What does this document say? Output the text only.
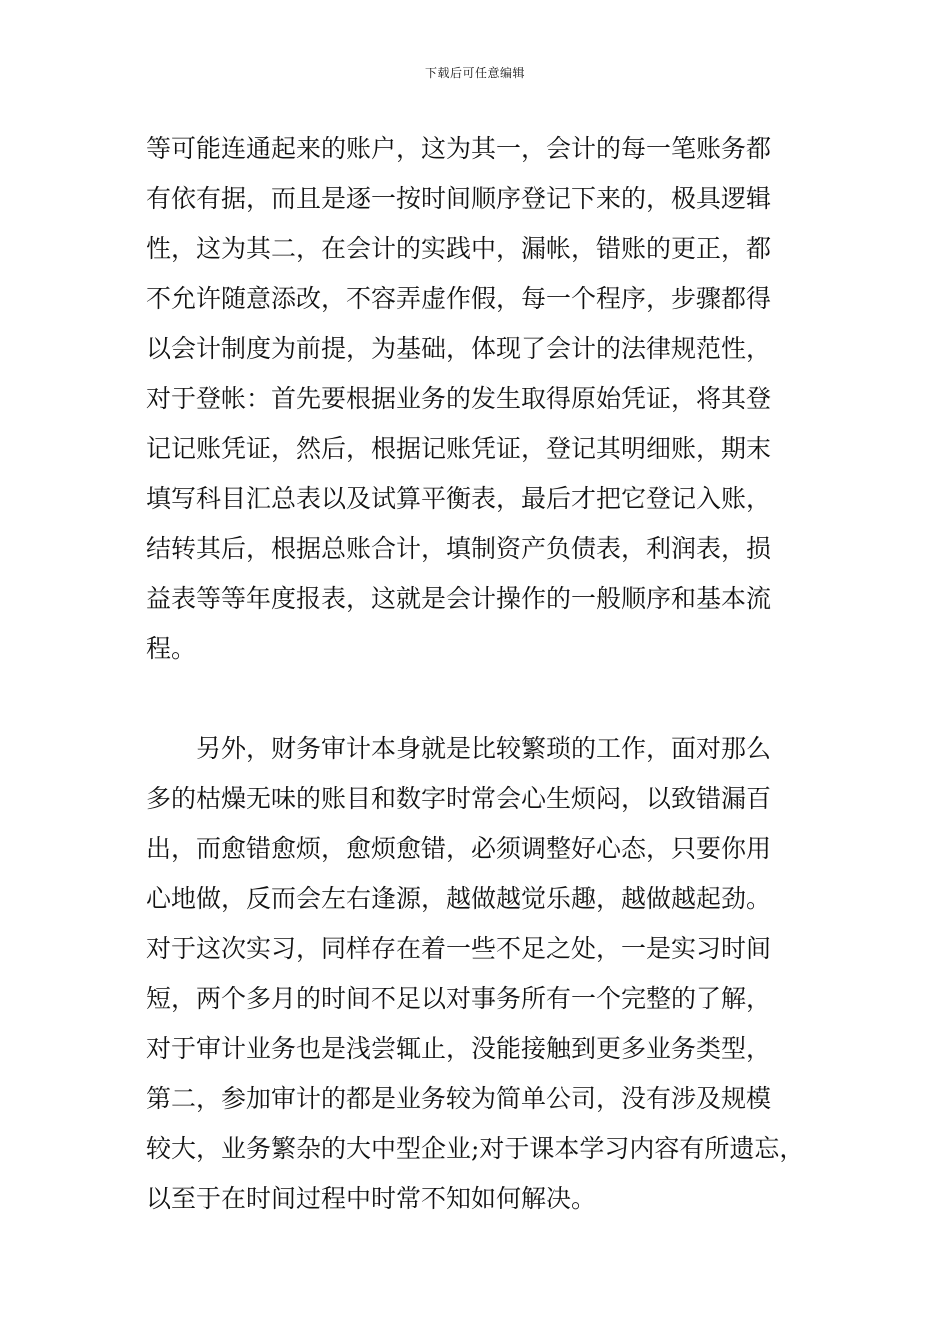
下载后可任意编辑
等可能连通起来的账户，这为其一，会计的每一笔账务都
有依有据，而且是逐一按时间顺序登记下来的，极具逻辑
性，这为其二，在会计的实践中，漏帐，错账的更正，都
不允许随意添改，不容弄虚作假，每一个程序，步骤都得
以会计制度为前提，为基础，体现了会计的法律规范性，
对于登帐：首先要根据业务的发生取得原始凭证，将其登
记记账凭证，然后，根据记账凭证，登记其明细账，期末
填写科目汇总表以及试算平衡表，最后才把它登记入账，
结转其后，根据总账合计，填制资产负债表，利润表，损
益表等等年度报表，这就是会计操作的一般顺序和基本流
程。
另外，财务审计本身就是比较繁琐的工作，面对那么
多的枯燥无味的账目和数字时常会心生烦闷，以致错漏百
出，而愈错愈烦，愈烦愈错，必须调整好心态，只要你用
心地做，反而会左右逢源，越做越觉乐趣，越做越起劲。
对于这次实习，同样存在着一些不足之处，一是实习时间
短，两个多月的时间不足以对事务所有一个完整的了解，
对于审计业务也是浅尝辄止，没能接触到更多业务类型，
第二，参加审计的都是业务较为简单公司，没有涉及规模
较大，业务繁杂的大中型企业;对于课本学习内容有所遗忘，
以至于在时间过程中时常不知如何解决。
